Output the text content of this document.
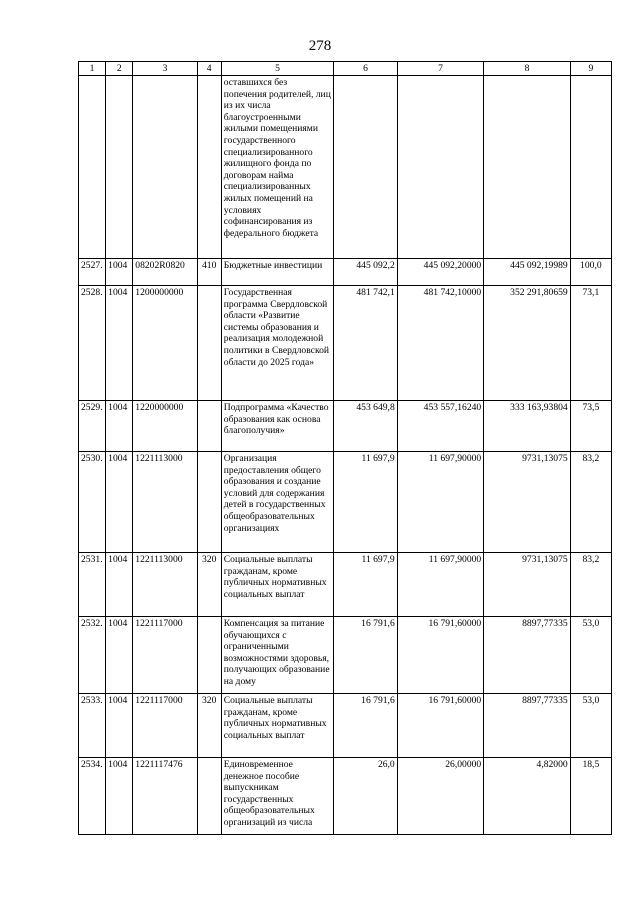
278
1	2	3	4	5	6	7	8	9
				оставшихся без попечения родителей, лиц из их числа благоустроенными жилыми помещениями государственного специализированного жилищного фонда по договорам найма специализированных жилых помещений на условиях софинансирования из федерального бюджета				
2527.	1004	08202R0820	410	Бюджетные инвестиции	445 092,2	445 092,20000	445 092,19989	100,0
2528.	1004	1200000000		Государственная программа Свердловской области «Развитие системы образования и реализация молодежной политики в Свердловской области до 2025 года»	481 742,1	481 742,10000	352 291,80659	73,1
2529.	1004	1220000000		Подпрограмма «Качество образования как основа благополучия»	453 649,8	453 557,16240	333 163,93804	73,5
2530.	1004	1221113000		Организация предоставления общего образования и создание условий для содержания детей в государственных общеобразовательных организациях	11 697,9	11 697,90000	9731,13075	83,2
2531.	1004	1221113000	320	Социальные выплаты гражданам, кроме публичных нормативных социальных выплат	11 697,9	11 697,90000	9731,13075	83,2
2532.	1004	1221117000		Компенсация за питание обучающихся с ограниченными возможностями здоровья, получающих образование на дому	16 791,6	16 791,60000	8897,77335	53,0
2533.	1004	1221117000	320	Социальные выплаты гражданам, кроме публичных нормативных социальных выплат	16 791,6	16 791,60000	8897,77335	53,0
2534.	1004	1221117476		Единовременное денежное пособие выпускникам государственных общеобразовательных организаций из числа	26,0	26,00000	4,82000	18,5
